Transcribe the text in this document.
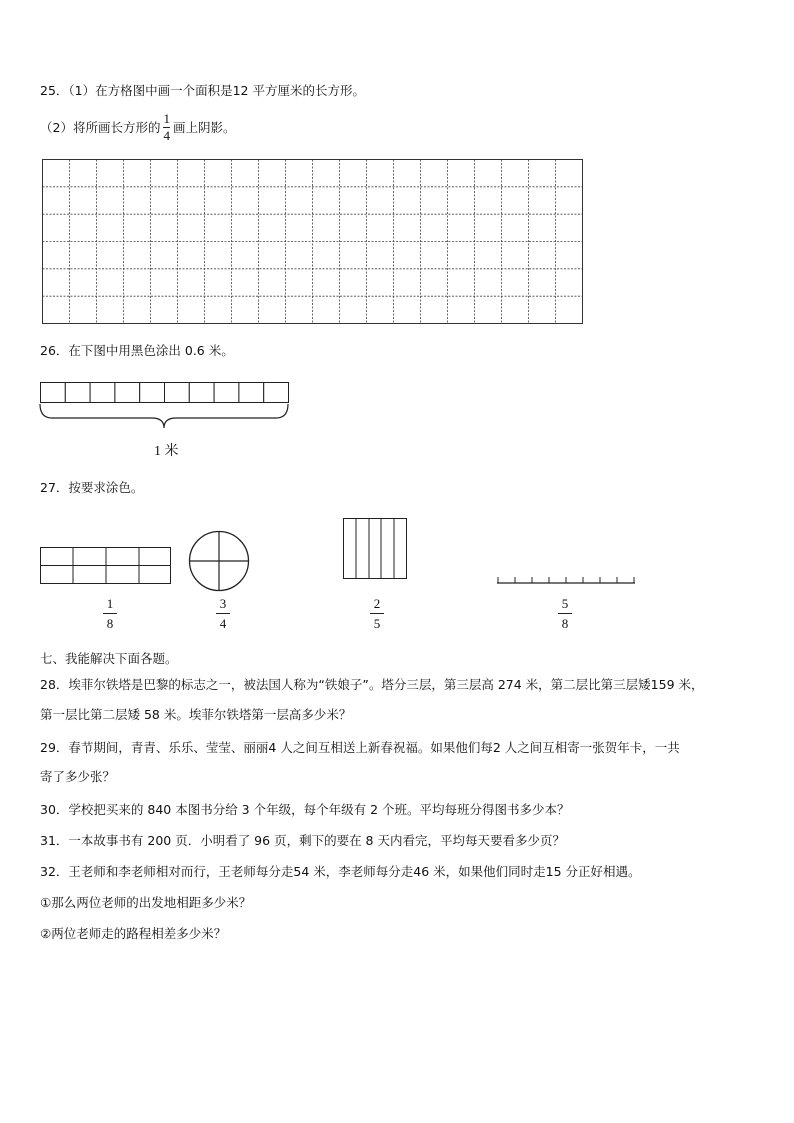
25．（1）在方格图中画一个面积是12 平方厘米的长方形。
（2）将所画长方形的 $\frac{1}{4}$ 画上阴影。
26．在下图中用黑色涂出 0.6 米。
1 米
27．按要求涂色。
1
8
3
4
2
5
5
8
七、我能解决下面各题。
28．埃菲尔铁塔是巴黎的标志之一，被法国人称为“铁娘子”。塔分三层，第三层高 274 米，第二层比第三层矮159 米，
第一层比第二层矮 58 米。埃菲尔铁塔第一层高多少米？
29．春节期间，青青、乐乐、莹莹、丽丽4 人之间互相送上新春祝福。如果他们每2 人之间互相寄一张贺年卡，一共
寄了多少张？
30．学校把买来的 840 本图书分给 3 个年级，每个年级有 2 个班。平均每班分得图书多少本？
31．一本故事书有 200 页．小明看了 96 页，剩下的要在 8 天内看完，平均每天要看多少页？
32．王老师和李老师相对而行，王老师每分走54 米，李老师每分走46 米，如果他们同时走15 分正好相遇。
①那么两位老师的出发地相距多少米？
②两位老师走的路程相差多少米？
